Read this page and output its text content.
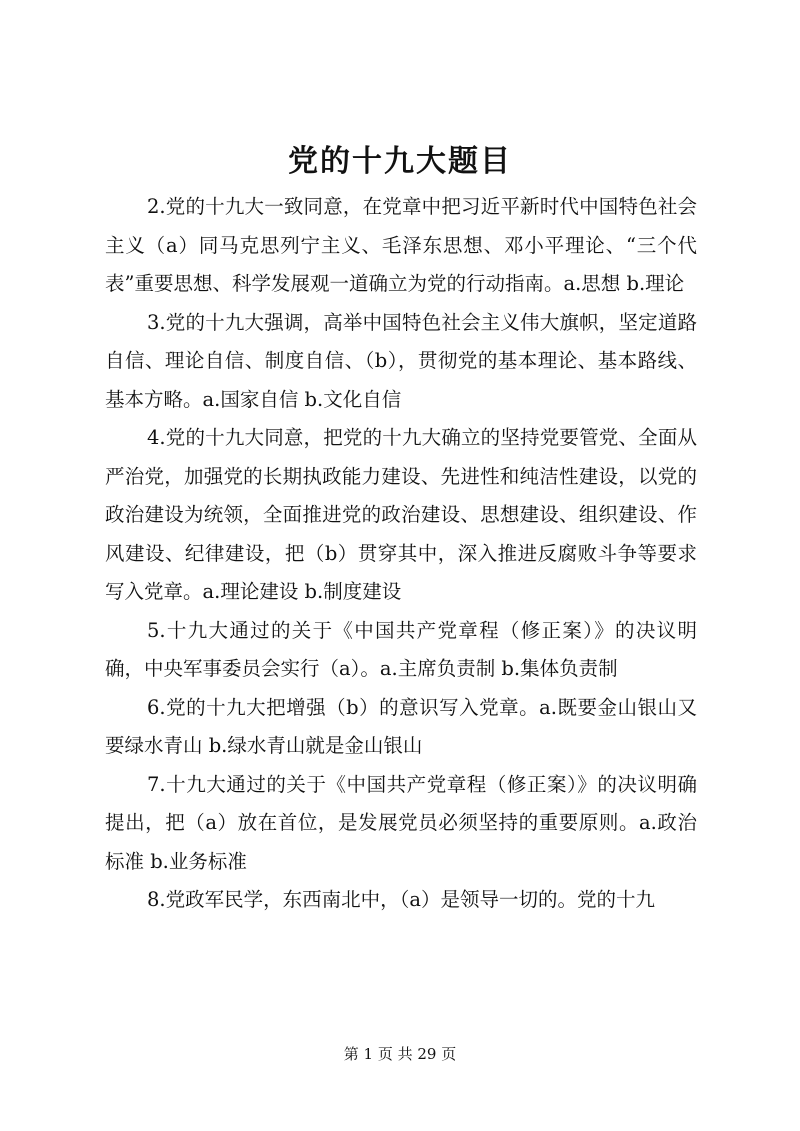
党的十九大题目

2.党的十九大一致同意，在党章中把习近平新时代中国特色社会主义（a）同马克思列宁主义、毛泽东思想、邓小平理论、“三个代表”重要思想、科学发展观一道确立为党的行动指南。a.思想 b.理论

3.党的十九大强调，高举中国特色社会主义伟大旗帜，坚定道路自信、理论自信、制度自信、（b），贯彻党的基本理论、基本路线、基本方略。a.国家自信 b.文化自信

4.党的十九大同意，把党的十九大确立的坚持党要管党、全面从严治党，加强党的长期执政能力建设、先进性和纯洁性建设，以党的政治建设为统领，全面推进党的政治建设、思想建设、组织建设、作风建设、纪律建设，把（b）贯穿其中，深入推进反腐败斗争等要求写入党章。a.理论建设 b.制度建设

5.十九大通过的关于《中国共产党章程（修正案）》的决议明确，中央军事委员会实行（a）。a.主席负责制 b.集体负责制

6.党的十九大把增强（b）的意识写入党章。a.既要金山银山又要绿水青山 b.绿水青山就是金山银山

7.十九大通过的关于《中国共产党章程（修正案）》的决议明确提出，把（a）放在首位，是发展党员必须坚持的重要原则。a.政治标准 b.业务标准

8.党政军民学，东西南北中，（a）是领导一切的。党的十九

第 1 页 共 29 页
